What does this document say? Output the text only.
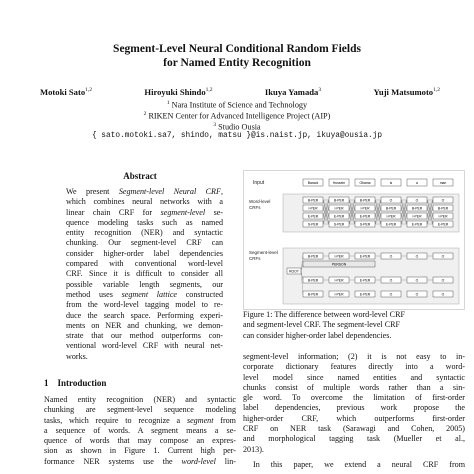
Segment-Level Neural Conditional Random Fields
for Named Entity Recognition
Motoki Sato$^{1,2}$	Hiroyuki Shindo$^{1,2}$	Ikuya Yamada$^3$	Yuji Matsumoto$^{1,2}$
$^1$ Nara Institute of Science and Technology
$^2$ RIKEN Center for Advanced Intelligence Project (AIP)
$^3$ Studio Ousia
{ sato.motoki.sa7, shindo, matsu }@is.naist.jp, ikuya@ousia.jp
Abstract
We present Segment-level Neural CRF,
which combines neural networks with a
linear chain CRF for segment-level se-
quence modeling tasks such as named
entity recognition (NER) and syntactic
chunking. Our segment-level CRF can
consider higher-order label dependencies
compared with conventional word-level
CRF. Since it is difficult to consider all
possible variable length segments, our
method uses segment lattice constructed
from the word-level tagging model to re-
duce the search space. Performing experi-
ments on NER and chunking, we demon-
strate that our method outperforms con-
ventional word-level CRF with neural net-
works.
1 Introduction
Named entity recognition (NER) and syntactic
chunking are segment-level sequence modeling
tasks, which require to recognize a segment from
a sequence of words. A segment means a se-
quence of words that may compose an expres-
sion as shown in Figure 1. Current high per-
formance NER systems use the word-level lin-
Input	Barack	Hussein	Obama	is	a	man
Word-level
CRFs
B-PER	B-PER	B-PER	O	O	O
I-PER	I-PER	I-PER	B-PER	B-PER	B-PER
E-PER	E-PER	E-PER	I-PER	I-PER	I-PER
S-PER	S-PER	S-PER	E-PER	E-PER	E-PER
Segment-level
CRFs
ROOT
B-PER	I-PER	E-PER	O	O	O
PERSON
B-PER	I-PER	E-PER	O	O	O
B-PER	I-PER	E-PER	O	O	O
Figure 1: The difference between word-level CRF
and segment-level CRF. The segment-level CRF
can consider higher-order label dependencies.
segment-level information; (2) it is not easy to in-
corporate dictionary features directly into a word-
level model since named entities and syntactic
chunks consist of multiple words rather than a sin-
gle word. To overcome the limitation of first-order
label dependencies, previous work propose the
higher-order CRF, which outperforms first-order
CRF on NER task (Sarawagi and Cohen, 2005)
and morphological tagging task (Mueller et al.,
2013).
In this paper, we extend a neural CRF from
